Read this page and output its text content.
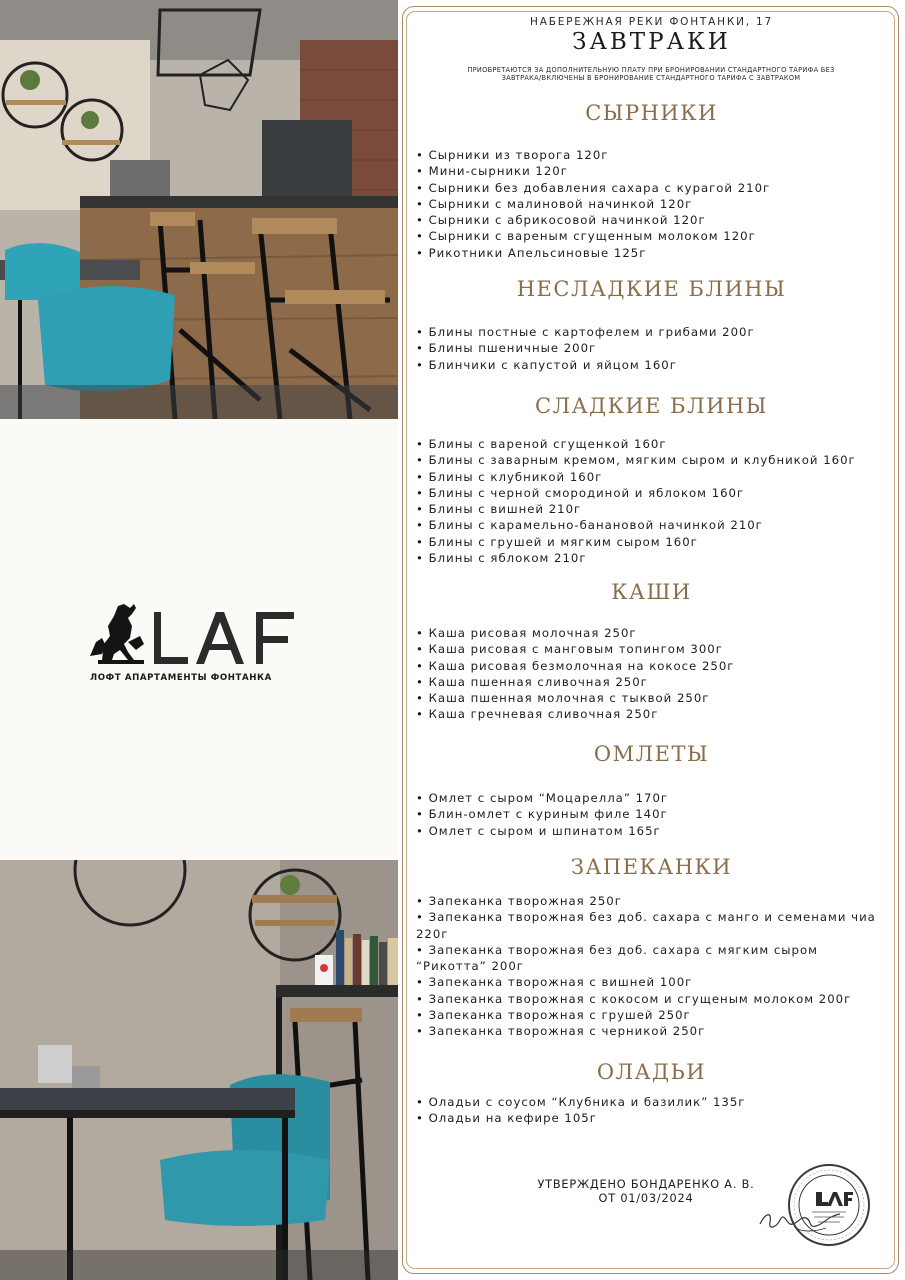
ЛОФТ АПАРТАМЕНТЫ ФОНТАНКА
НАБЕРЕЖНАЯ РЕКИ ФОНТАНКИ, 17
ЗАВТРАКИ
ПРИОБРЕТАЮТСЯ ЗА ДОПОЛНИТЕЛЬНУЮ ПЛАТУ ПРИ БРОНИРОВАНИИ СТАНДАРТНОГО ТАРИФА БЕЗ ЗАВТРАКА/ВКЛЮЧЕНЫ В БРОНИРОВАНИЕ СТАНДАРТНОГО ТАРИФА С ЗАВТРАКОМ
СЫРНИКИ
• Сырники из творога 120г
• Мини-сырники 120г
• Сырники без добавления сахара с курагой 210г
• Сырники с малиновой начинкой 120г
• Сырники с абрикосовой начинкой 120г
• Сырники с вареным сгущенным молоком 120г
• Рикотники Апельсиновые 125г
НЕСЛАДКИЕ БЛИНЫ
• Блины постные с картофелем и грибами 200г
• Блины пшеничные 200г
• Блинчики с капустой и яйцом 160г
СЛАДКИЕ БЛИНЫ
• Блины с вареной сгущенкой 160г
• Блины с заварным кремом, мягким сыром и клубникой 160г
• Блины с клубникой 160г
• Блины с черной смородиной и яблоком 160г
• Блины с вишней 210г
• Блины с карамельно-банановой начинкой 210г
• Блины с грушей и мягким сыром 160г
• Блины с яблоком 210г
КАШИ
• Каша рисовая молочная 250г
• Каша рисовая с манговым топингом 300г
• Каша рисовая безмолочная на кокосе 250г
• Каша пшенная сливочная 250г
• Каша пшенная молочная с тыквой 250г
• Каша гречневая сливочная 250г
ОМЛЕТЫ
• Омлет с сыром “Моцарелла” 170г
• Блин-омлет с куриным филе 140г
• Омлет с сыром и шпинатом 165г
ЗАПЕКАНКИ
• Запеканка творожная 250г
• Запеканка творожная без доб. сахара с манго и семенами чиа 220г
• Запеканка творожная без доб. сахара с мягким сыром “Рикотта” 200г
• Запеканка творожная с вишней 100г
• Запеканка творожная с кокосом и сгущеным молоком 200г
• Запеканка творожная с грушей 250г
• Запеканка творожная с черникой 250г
ОЛАДЬИ
• Оладьи с соусом “Клубника и базилик” 135г
• Оладьи на кефире 105г
УТВЕРЖДЕНО БОНДАРЕНКО А. В.
ОТ 01/03/2024
